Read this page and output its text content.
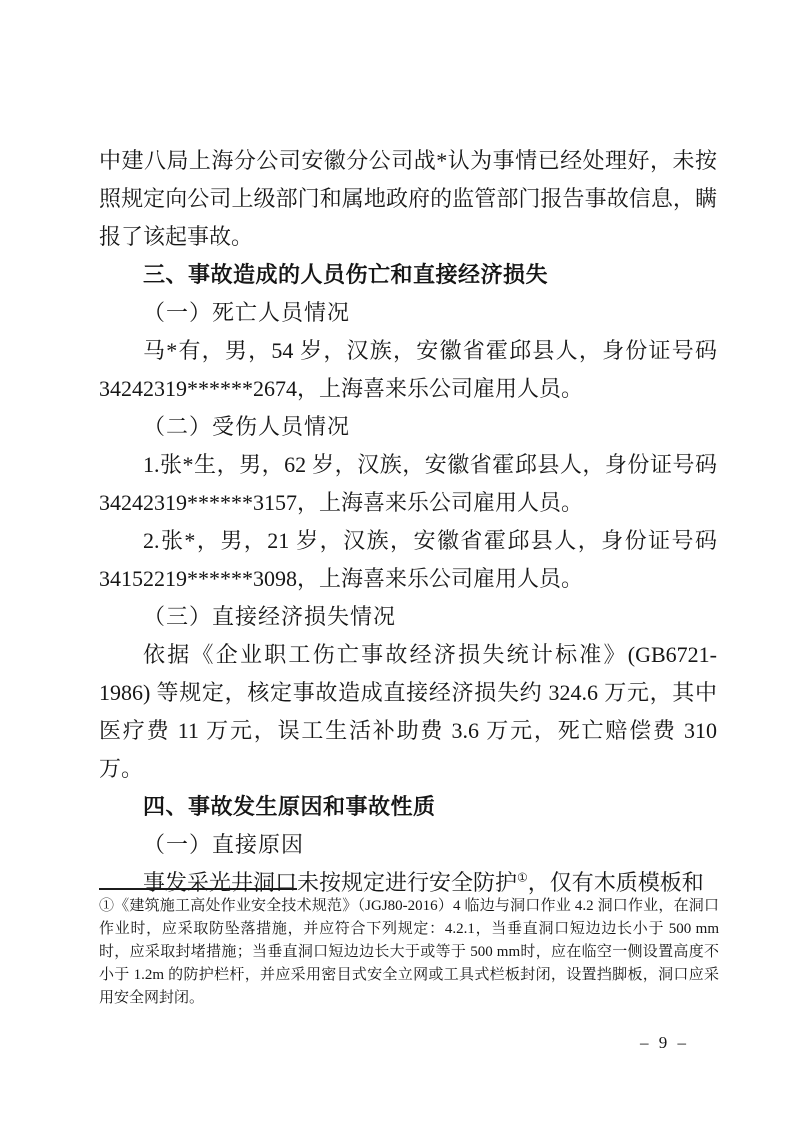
中建八局上海分公司安徽分公司战*认为事情已经处理好，未按照规定向公司上级部门和属地政府的监管部门报告事故信息，瞒报了该起事故。

三、事故造成的人员伤亡和直接经济损失

（一）死亡人员情况

马*有，男，54 岁，汉族，安徽省霍邱县人，身份证号码 34242319******2674，上海喜来乐公司雇用人员。

（二）受伤人员情况

1.张*生，男，62 岁，汉族，安徽省霍邱县人，身份证号码 34242319******3157，上海喜来乐公司雇用人员。

2.张*，男，21 岁，汉族，安徽省霍邱县人，身份证号码 34152219******3098，上海喜来乐公司雇用人员。

（三）直接经济损失情况

依据《企业职工伤亡事故经济损失统计标准》(GB6721-1986) 等规定，核定事故造成直接经济损失约 324.6 万元，其中医疗费 11 万元，误工生活补助费 3.6 万元，死亡赔偿费 310 万。

四、事故发生原因和事故性质

（一）直接原因

事发采光井洞口未按规定进行安全防护①，仅有木质模板和

①《建筑施工高处作业安全技术规范》（JGJ80-2016）4 临边与洞口作业 4.2 洞口作业，在洞口作业时，应采取防坠落措施，并应符合下列规定：4.2.1，当垂直洞口短边边长小于 500 mm时，应采取封堵措施；当垂直洞口短边边长大于或等于 500 mm时，应在临空一侧设置高度不小于 1.2m 的防护栏杆，并应采用密目式安全立网或工具式栏板封闭，设置挡脚板，洞口应采用安全网封闭。

– 9 –
